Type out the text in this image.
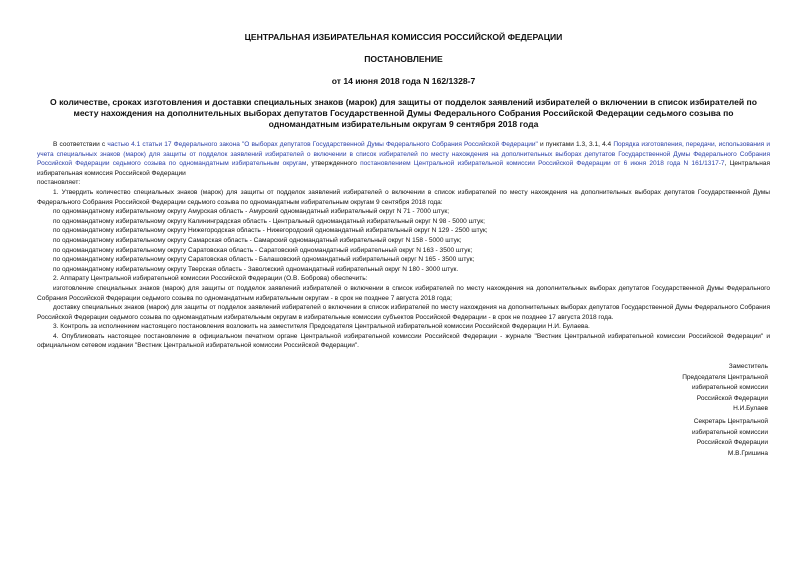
ЦЕНТРАЛЬНАЯ ИЗБИРАТЕЛЬНАЯ КОМИССИЯ РОССИЙСКОЙ ФЕДЕРАЦИИ
ПОСТАНОВЛЕНИЕ
от 14 июня 2018 года N 162/1328-7
О количестве, сроках изготовления и доставки специальных знаков (марок) для защиты от подделок заявлений избирателей о включении в список избирателей по месту нахождения на дополнительных выборах депутатов Государственной Думы Федерального Собрания Российской Федерации седьмого созыва по одномандатным избирательным округам 9 сентября 2018 года

В соответствии с частью 4.1 статьи 17 Федерального закона "О выборах депутатов Государственной Думы Федерального Собрания Российской Федерации" и пунктами 1.3, 3.1, 4.4 Порядка изготовления, передачи, использования и учета специальных знаков (марок) для защиты от подделок заявлений избирателей о включении в список избирателей по месту нахождения на дополнительных выборах депутатов Государственной Думы Федерального Собрания Российской Федерации седьмого созыва по одномандатным избирательным округам, утвержденного постановлением Центральной избирательной комиссии Российской Федерации от 6 июня 2018 года N 161/1317-7, Центральная избирательная комиссия Российской Федерации

постановляет:

1. Утвердить количество специальных знаков (марок) для защиты от подделок заявлений избирателей о включении в список избирателей по месту нахождения на дополнительных выборах депутатов Государственной Думы Федерального Собрания Российской Федерации седьмого созыва по одномандатным избирательным округам 9 сентября 2018 года:

по одномандатному избирательному округу Амурская область - Амурский одномандатный избирательный округ N 71 - 7000 штук;

по одномандатному избирательному округу Калининградская область - Центральный одномандатный избирательный округ N 98 - 5000 штук;

по одномандатному избирательному округу Нижегородская область - Нижегородский одномандатный избирательный округ N 129 - 2500 штук;

по одномандатному избирательному округу Самарская область - Самарский одномандатный избирательный округ N 158 - 5000 штук;

по одномандатному избирательному округу Саратовская область - Саратовский одномандатный избирательный округ N 163 - 3500 штук;

по одномандатному избирательному округу Саратовская область - Балашовский одномандатный избирательный округ N 165 - 3500 штук;

по одномандатному избирательному округу Тверская область - Заволжский одномандатный избирательный округ N 180 - 3000 штук.

2. Аппарату Центральной избирательной комиссии Российской Федерации (О.В. Боброва) обеспечить:

изготовление специальных знаков (марок) для защиты от подделок заявлений избирателей о включении в список избирателей по месту нахождения на дополнительных выборах депутатов Государственной Думы Федерального Собрания Российской Федерации седьмого созыва по одномандатным избирательным округам - в срок не позднее 7 августа 2018 года;

доставку специальных знаков (марок) для защиты от подделок заявлений избирателей о включении в список избирателей по месту нахождения на дополнительных выборах депутатов Государственной Думы Федерального Собрания Российской Федерации седьмого созыва по одномандатным избирательным округам в избирательные комиссии субъектов Российской Федерации - в срок не позднее 17 августа 2018 года.

3. Контроль за исполнением настоящего постановления возложить на заместителя Председателя Центральной избирательной комиссии Российской Федерации Н.И. Булаева.

4. Опубликовать настоящее постановление в официальном печатном органе Центральной избирательной комиссии Российской Федерации - журнале "Вестник Центральной избирательной комиссии Российской Федерации" и официальном сетевом издании "Вестник Центральной избирательной комиссии Российской Федерации".

Заместитель
Председателя Центральной
избирательной комиссии
Российской Федерации
Н.И.Булаев
Секретарь Центральной
избирательной комиссии
Российской Федерации
М.В.Гришина
